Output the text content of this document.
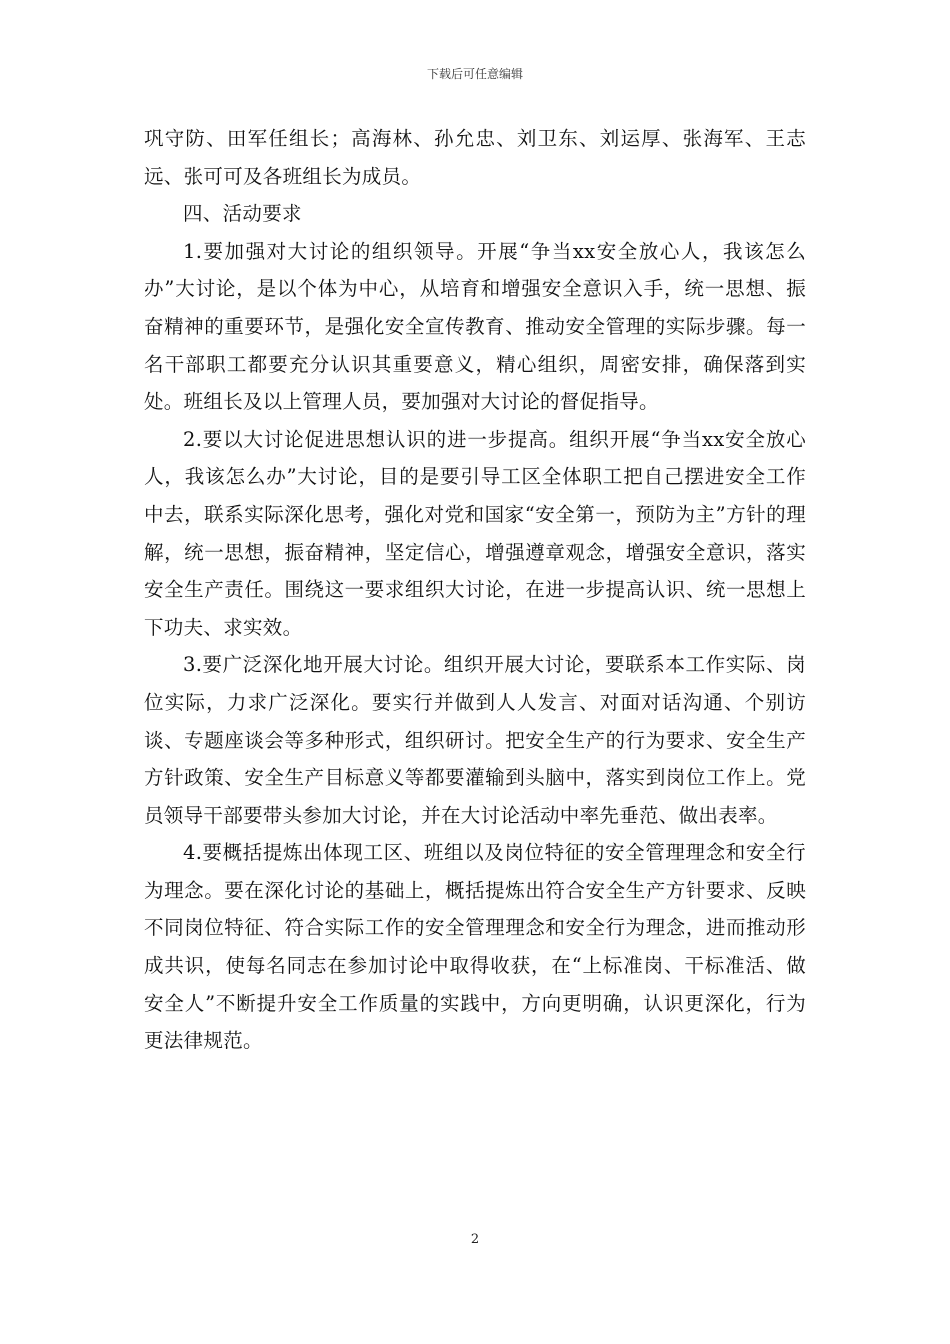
下载后可任意编辑

巩守防、田军任组长；高海林、孙允忠、刘卫东、刘运厚、张海军、王志远、张可可及各班组长为成员。

四、活动要求

1.要加强对大讨论的组织领导。开展“争当xx安全放心人，我该怎么办”大讨论，是以个体为中心，从培育和增强安全意识入手，统一思想、振奋精神的重要环节，是强化安全宣传教育、推动安全管理的实际步骤。每一名干部职工都要充分认识其重要意义，精心组织，周密安排，确保落到实处。班组长及以上管理人员，要加强对大讨论的督促指导。

2.要以大讨论促进思想认识的进一步提高。组织开展“争当xx安全放心人，我该怎么办”大讨论，目的是要引导工区全体职工把自己摆进安全工作中去，联系实际深化思考，强化对党和国家“安全第一，预防为主”方针的理解，统一思想，振奋精神，坚定信心，增强遵章观念，增强安全意识，落实安全生产责任。围绕这一要求组织大讨论，在进一步提高认识、统一思想上下功夫、求实效。

3.要广泛深化地开展大讨论。组织开展大讨论，要联系本工作实际、岗位实际，力求广泛深化。要实行并做到人人发言、对面对话沟通、个别访谈、专题座谈会等多种形式，组织研讨。把安全生产的行为要求、安全生产方针政策、安全生产目标意义等都要灌输到头脑中，落实到岗位工作上。党员领导干部要带头参加大讨论，并在大讨论活动中率先垂范、做出表率。

4.要概括提炼出体现工区、班组以及岗位特征的安全管理理念和安全行为理念。要在深化讨论的基础上，概括提炼出符合安全生产方针要求、反映不同岗位特征、符合实际工作的安全管理理念和安全行为理念，进而推动形成共识，使每名同志在参加讨论中取得收获，在“上标准岗、干标准活、做安全人”不断提升安全工作质量的实践中，方向更明确，认识更深化，行为更法律规范。

2
